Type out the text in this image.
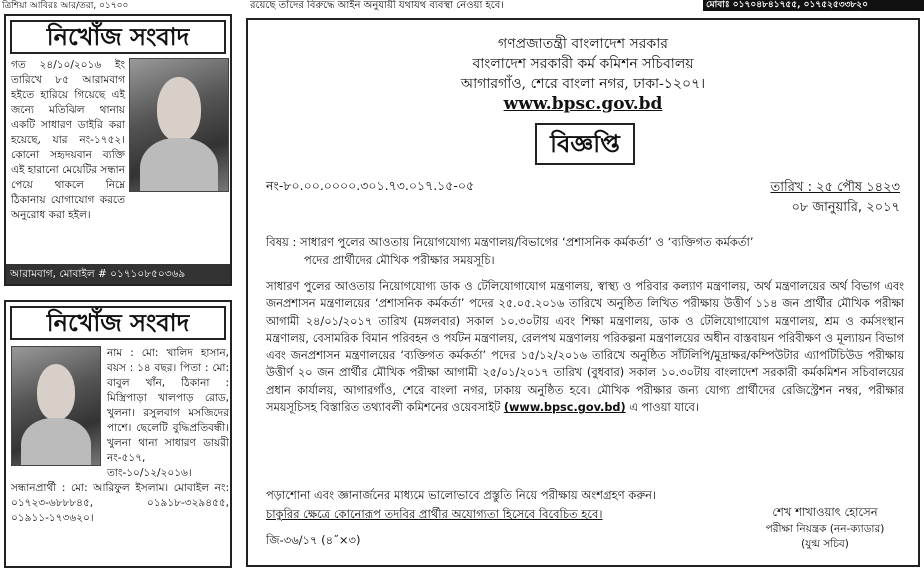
ত্রিশিয়া আবিরঃ আর/তরা, ০১৭০০	রয়েছে তাঁদের বিরুদ্ধে আইন অনুযায়ী যথাযথ ব্যবস্থা নেওয়া হবে।	মোবাঃ ০১৭০৪৮৪১৭৫৫, ০১৭৫২৫৩৩৮২০
নিখোঁজ সংবাদ
গত ২৪/১০/২০১৬ ইং তারিখে ৮৫ আরামবাগ হইতে হারিয়ে গিয়েছে এই জন্যে মতিঝিল থানায় একটি সাধারণ ডাইরি করা হয়েছে, যার নং-১৭৫২। কোনো সহৃদয়বান ব্যক্তি এই হারানো মেয়েটির সন্ধান পেয়ে থাকলে নিম্নে ঠিকানায় যোগাযোগ করতে অনুরোধ করা হইল।
আরামবাগ, মোবাইল # ০১৭১০৮৫০৩৬৯
নিখোঁজ সংবাদ
নাম : মো: খালিদ হাসান, বয়স : ১৪ বছর। পিতা : মো: বাবুল খাঁন, ঠিকানা : মিস্ত্রিপাড়া খালপাড় রোড, খুলনা। রসুলবাগ মসজিদের পাশে। ছেলেটি বুদ্ধিপ্রতিবন্ধী। খুলনা থানা সাধারণ ডায়রী নং-৫১৭, তাং-১০/১২/২০১৬। সন্ধানপ্রার্থী : মো: আরিফুল ইসলাম। মোবাইল নং: ০১৭২৩-৬৮৮৮৪৫, ০১৯১৮-৩২৯৪৫৫, ০১৯১১-১৭৩৬২০।
গণপ্রজাতন্ত্রী বাংলাদেশ সরকার
বাংলাদেশ সরকারী কর্ম কমিশন সচিবালয়
আগারগাঁও, শেরে বাংলা নগর, ঢাকা-১২০৭।
www.bpsc.gov.bd
বিজ্ঞপ্তি
নং-৮০.০০.০০০০.৩০১.৭৩.০১৭.১৫-০৫	তারিখ : ২৫ পৌষ ১৪২৩
০৮ জানুয়ারি, ২০১৭
বিষয় : সাধারণ পুলের আওতায় নিয়োগযোগ্য মন্ত্রণালয়/বিভাগের ‘প্রশাসনিক কর্মকর্তা’ ও ‘ব্যক্তিগত কর্মকর্তা’
পদের প্রার্থীদের মৌখিক পরীক্ষার সময়সূচি।
সাধারণ পুলের আওতায় নিয়োগযোগ্য ডাক ও টেলিযোগাযোগ মন্ত্রণালয়, স্বাস্থ্য ও পরিবার কল্যাণ মন্ত্রণালয়, অর্থ মন্ত্রণালয়ের অর্থ বিভাগ এবং জনপ্রশাসন মন্ত্রণালয়ের ‘প্রশাসনিক কর্মকর্তা’ পদের ২৫.০৫.২০১৬ তারিখে অনুষ্ঠিত লিখিত পরীক্ষায় উত্তীর্ণ ১১৪ জন প্রার্থীর মৌখিক পরীক্ষা আগামী ২৪/০১/২০১৭ তারিখ (মঙ্গলবার) সকাল ১০.৩০টায় এবং শিক্ষা মন্ত্রণালয়, ডাক ও টেলিযোগাযোগ মন্ত্রণালয়, শ্রম ও কর্মসংস্থান মন্ত্রণালয়, বেসামরিক বিমান পরিবহন ও পর্যটন মন্ত্রণালয়, রেলপথ মন্ত্রণালয় পরিকল্পনা মন্ত্রণালয়ের অধীন বাস্তবায়ন পরিবীক্ষণ ও মূল্যায়ন বিভাগ এবং জনপ্রশাসন মন্ত্রণালয়ের ‘ব্যক্তিগত কর্মকর্তা’ পদের ১৫/১২/২০১৬ তারিখে অনুষ্ঠিত সাঁটলিপি/মুদ্রাক্ষর/কম্পিউটার এ্যাপটিচিউড পরীক্ষায় উত্তীর্ণ ২০ জন প্রার্থীর মৌখিক পরীক্ষা আগামী ২৫/০১/২০১৭ তারিখ (বুধবার) সকাল ১০.৩০টায় বাংলাদেশ সরকারী কর্মকমিশন সচিবালয়ের প্রধান কার্যালয়, আগারগাঁও, শেরে বাংলা নগর, ঢাকায় অনুষ্ঠিত হবে। মৌখিক পরীক্ষার জন্য যোগ্য প্রার্থীদের রেজিস্ট্রেশন নম্বর, পরীক্ষার সময়সূচিসহ বিস্তারিত তথ্যাবলী কমিশনের ওয়েবসাইট (www.bpsc.gov.bd) এ পাওয়া যাবে।
পড়াশোনা এবং জ্ঞানার্জনের মাধ্যমে ভালোভাবে প্রস্তুতি নিয়ে পরীক্ষায় অংশগ্রহণ করুন।
চাকুরির ক্ষেত্রে কোনোরূপ তদবির প্রার্থীর অযোগ্যতা হিসেবে বিবেচিত হবে।	শেখ শাখাওয়াৎ হোসেন
পরীক্ষা নিয়ন্ত্রক (নন-ক্যাডার)
(যুগ্ম সচিব)
জি-৩৬/১৭ (৪˝×৩)
